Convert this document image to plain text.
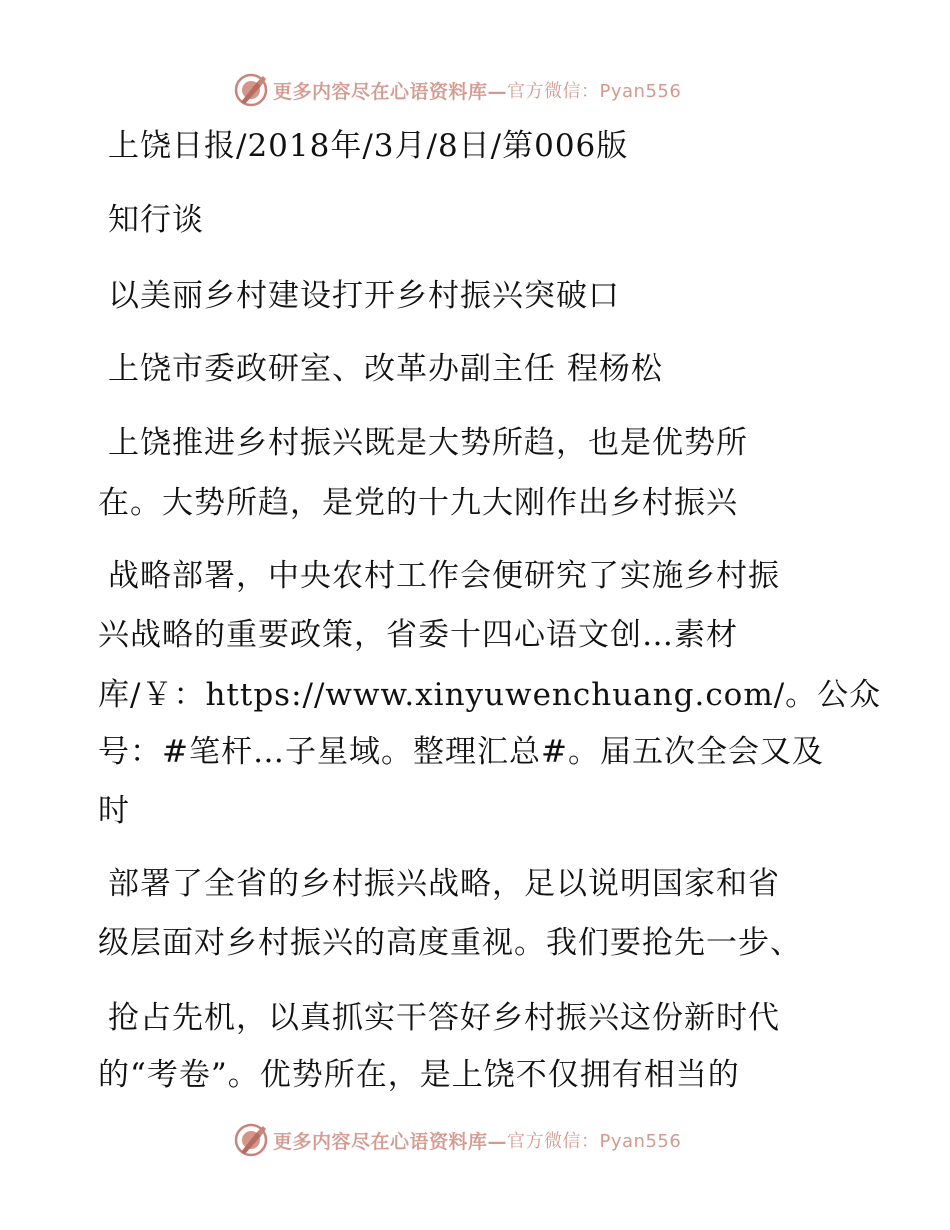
更多内容尽在心语资料库— 官方微信：Pyan556
上饶日报/2018年/3月/8日/第006版
知行谈
以美丽乡村建设打开乡村振兴突破口
上饶市委政研室、改革办副主任 程杨松
上饶推进乡村振兴既是大势所趋，也是优势所
在。大势所趋，是党的十九大刚作出乡村振兴
战略部署，中央农村工作会便研究了实施乡村振
兴战略的重要政策，省委十四心语文创…素材
库/￥：https://www.xinyuwenchuang.com/。公众
号：#笔杆…子星域。整理汇总#。届五次全会又及
时
部署了全省的乡村振兴战略，足以说明国家和省
级层面对乡村振兴的高度重视。我们要抢先一步、
抢占先机，以真抓实干答好乡村振兴这份新时代
的“考卷”。优势所在，是上饶不仅拥有相当的
更多内容尽在心语资料库— 官方微信：Pyan556
